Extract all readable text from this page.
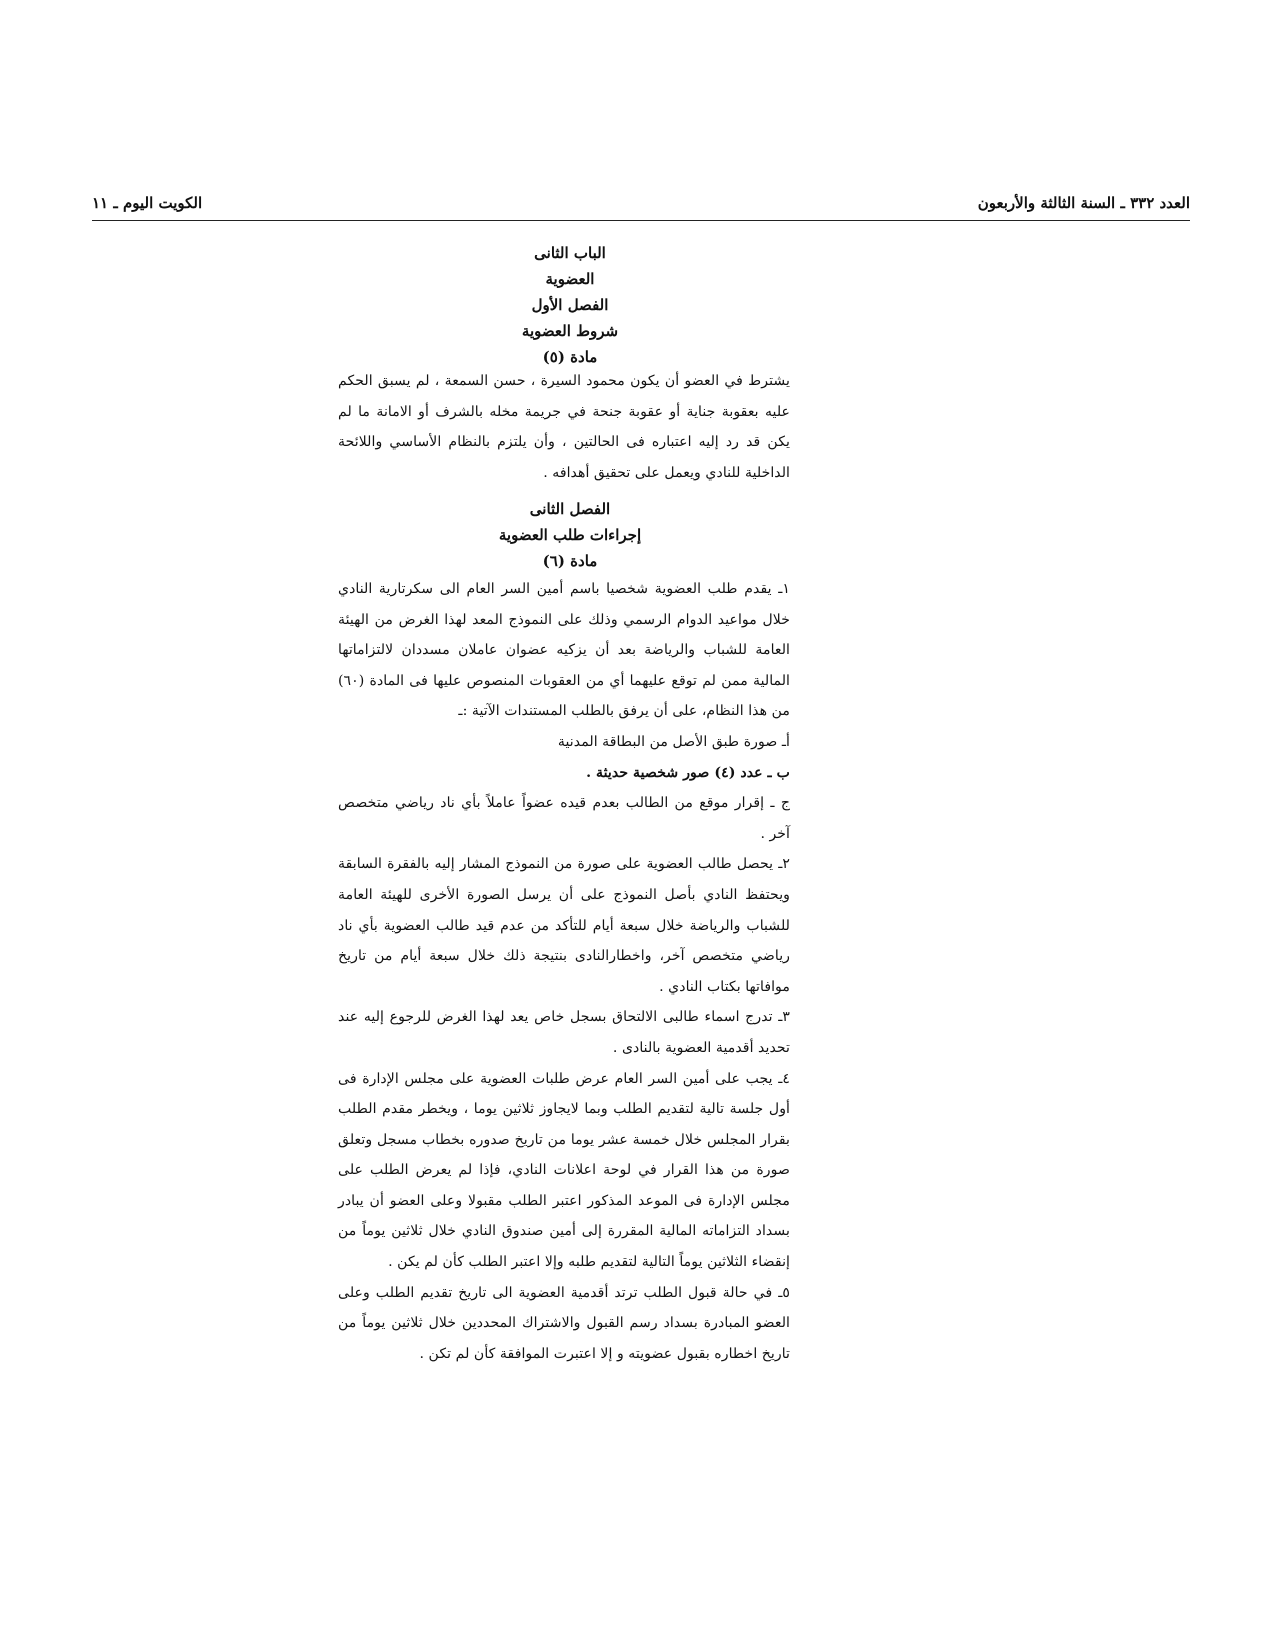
العدد ٣٣٢ ـ السنة الثالثة والأربعون
الكويت اليوم ـ ١١
الباب الثانى
العضوية
الفصل الأول
شروط العضوية
مادة (٥)

يشترط في العضو أن يكون محمود السيرة ، حسن السمعة ، لم يسبق الحكم عليه بعقوبة جناية أو عقوبة جنحة في جريمة مخله بالشرف أو الامانة ما لم يكن قد رد إليه اعتباره فى الحالتين ، وأن يلتزم بالنظام الأساسي واللائحة الداخلية للنادي ويعمل على تحقيق أهدافه .

الفصل الثانى
إجراءات طلب العضوية
مادة (٦)

١ـ يقدم طلب العضوية شخصيا باسم أمين السر العام الى سكرتارية النادي خلال مواعيد الدوام الرسمي وذلك على النموذج المعد لهذا الغرض من الهيئة العامة للشباب والرياضة بعد أن يزكيه عضوان عاملان مسددان لالتزاماتها المالية ممن لم توقع عليهما أي من العقوبات المنصوص عليها فى المادة (٦٠) من هذا النظام، على أن يرفق بالطلب المستندات الآتية :ـ

أـ صورة طبق الأصل من البطاقة المدنية

ب ـ عدد (٤) صور شخصية حديثة .

ج ـ إقرار موقع من الطالب بعدم قيده عضواً عاملاً بأي ناد رياضي متخصص آخر .

٢ـ يحصل طالب العضوية على صورة من النموذج المشار إليه بالفقرة السابقة ويحتفظ النادي بأصل النموذج على أن يرسل الصورة الأخرى للهيئة العامة للشباب والرياضة خلال سبعة أيام للتأكد من عدم قيد طالب العضوية بأي ناد رياضي متخصص آخر، واخطارالنادى بنتيجة ذلك خلال سبعة أيام من تاريخ موافاتها بكتاب النادي .

٣ـ تدرج اسماء طالبى الالتحاق بسجل خاص يعد لهذا الغرض للرجوع إليه عند تحديد أقدمية العضوية بالنادى .

٤ـ يجب على أمين السر العام عرض طلبات العضوية على مجلس الإدارة فى أول جلسة تالية لتقديم الطلب وبما لايجاوز ثلاثين يوما ، ويخطر مقدم الطلب بقرار المجلس خلال خمسة عشر يوما من تاريخ صدوره بخطاب مسجل وتعلق صورة من هذا القرار في لوحة اعلانات النادي، فإذا لم يعرض الطلب على مجلس الإدارة فى الموعد المذكور اعتبر الطلب مقبولا وعلى العضو أن يبادر بسداد التزاماته المالية المقررة إلى أمين صندوق النادي خلال ثلاثين يوماً من إنقضاء الثلاثين يوماً التالية لتقديم طلبه وإلا اعتبر الطلب كأن لم يكن .

٥ـ في حالة قبول الطلب ترتد أقدمية العضوية الى تاريخ تقديم الطلب وعلى العضو المبادرة بسداد رسم القبول والاشتراك المحددين خلال ثلاثين يوماً من تاريخ اخطاره بقبول عضويته و إلا اعتبرت الموافقة كأن لم تكن .
